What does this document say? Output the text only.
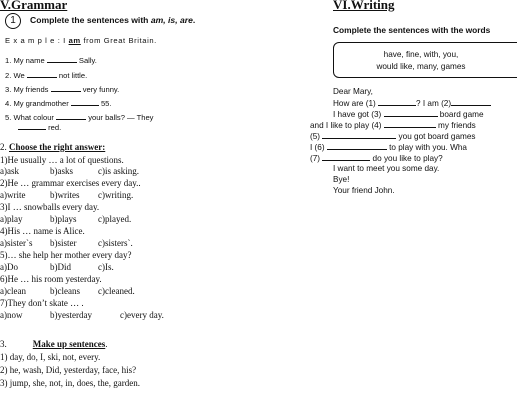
V.Grammar
1	Complete the sentences with am, is, are.
E x a m p l e : I am from Great Britain.
1. My name	Sally.
2. We	not little.
3. My friends	very funny.
4. My grandmother	55.
5. What colour	your balls? — They
red.
2. Choose the right answer:
1)He usually … a lot of questions.
a)ask	b)asks	c)is asking.
2)He … grammar exercises every day..
a)write	b)writes c)writing.
3)I … snowballs every day.
a)play	b)plays c)played.
4)His … name is Alice.
a)sister`s b)sister c)sisters`.
5)… she help her mother every day?
a)Do	b)Did	c)Is.
6)He … his room yesterday.
a)clean	b)cleans c)cleaned.
7)They don’t skate … .
a)now	b)yesterday	c)every day.
3.	Make up sentences.
1) day, do, I, ski, not, every.
2) he, wash, Did, yesterday, face, his?
3) jump, she, not, in, does, the, garden.
VI.Writing
Complete the sentences with the words
have, fine, with, you,
would like, many, games
Dear Mary,
How are (1)	? I am (2)
I have got (3)	board game
and I like to play (4)	my friends
(5)	you got board games
I (6)	to play with you. Wha
(7)	do you like to play?
I want to meet you some day.
Bye!
Your friend John.
